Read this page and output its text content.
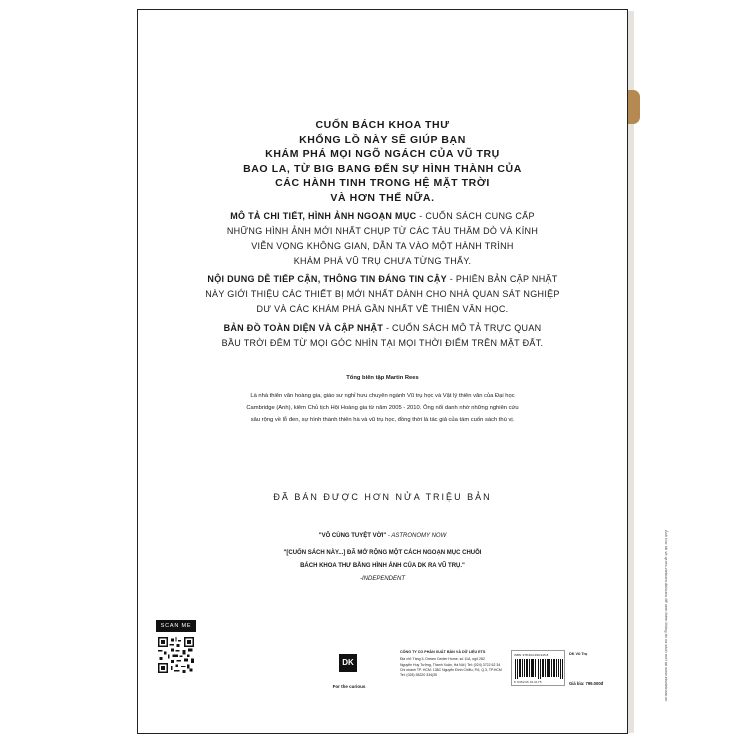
CUỐN BÁCH KHOA THƯ
KHỔNG LỒ NÀY SẼ GIÚP BẠN
KHÁM PHÁ MỌI NGÕ NGÁCH CỦA VŨ TRỤ
BAO LA, TỪ BIG BANG ĐẾN SỰ HÌNH THÀNH CỦA
CÁC HÀNH TINH TRONG HỆ MẶT TRỜI
VÀ HƠN THẾ NỮA.
MÔ TẢ CHI TIẾT, HÌNH ẢNH NGOẠN MỤC - CUỐN SÁCH CUNG CẤP
NHỮNG HÌNH ẢNH MỚI NHẤT CHỤP TỪ CÁC TÀU THĂM DÒ VÀ KÍNH
VIỄN VỌNG KHÔNG GIAN, DẪN TA VÀO MỘT HÀNH TRÌNH
KHÁM PHÁ VŨ TRỤ CHƯA TỪNG THẤY.
NỘI DUNG DỄ TIẾP CẬN, THÔNG TIN ĐÁNG TIN CẬY - PHIÊN BẢN CẬP NHẬT
NÀY GIỚI THIỆU CÁC THIẾT BỊ MỚI NHẤT DÀNH CHO NHÀ QUAN SÁT NGHIỆP
DƯ VÀ CÁC KHÁM PHÁ GẦN NHẤT VỀ THIÊN VĂN HỌC.
BẢN ĐỒ TOÀN DIỆN VÀ CẬP NHẬT - CUỐN SÁCH MÔ TẢ TRỰC QUAN
BẦU TRỜI ĐÊM TỪ MỌI GÓC NHÌN TẠI MỌI THỜI ĐIỂM TRÊN MẶT ĐẤT.
Tổng biên tập Martin Rees
Là nhà thiên văn hoàng gia, giáo sư nghỉ hưu chuyên ngành Vũ trụ học và Vật lý thiên văn của Đại học
Cambridge (Anh), kiêm Chủ tịch Hội Hoàng gia từ năm 2005 - 2010. Ông nổi danh nhờ những nghiên cứu
sâu rộng về lỗ đen, sự hình thành thiên hà và vũ trụ học, đồng thời là tác giả của tám cuốn sách thú vị.
ĐÃ BÁN ĐƯỢC HƠN NỬA TRIỆU BẢN
"VÔ CÙNG TUYỆT VỜI" - ASTRONOMY NOW
"[CUỐN SÁCH NÀY...] ĐÃ MỞ RỘNG MỘT CÁCH NGOẠN MỤC CHUỖI
BÁCH KHOA THƯ BẰNG HÌNH ẢNH CỦA DK RA VŨ TRỤ."
-INDEPENDENT
SCAN ME
DK
For the curious
CÔNG TY CỔ PHẦN XUẤT BẢN VÀ DỮ LIỆU ETS
Địa chỉ: Tầng 3, Dream Center Home, số 11A, ngõ 282
Nguyễn Huy Tưởng, Thanh Xuân, Hà Nội | Tel: (024) 3722 62 34
Chi nhánh TP. HCM: 138C Nguyễn Đình Chiểu, P.6, Q.3, TP.HCM
Tel: (028) 38220 334|35
ISBN: 978-604-393-915-8
8 935246 914175
DK Vũ Trụ
Giá bìa: 799.000đ	Ảnh bìa: tải về qr.ets-vietnam.dk/vutru để xem thêm thông tin và sách mới tại www.etsvietnam.vn
